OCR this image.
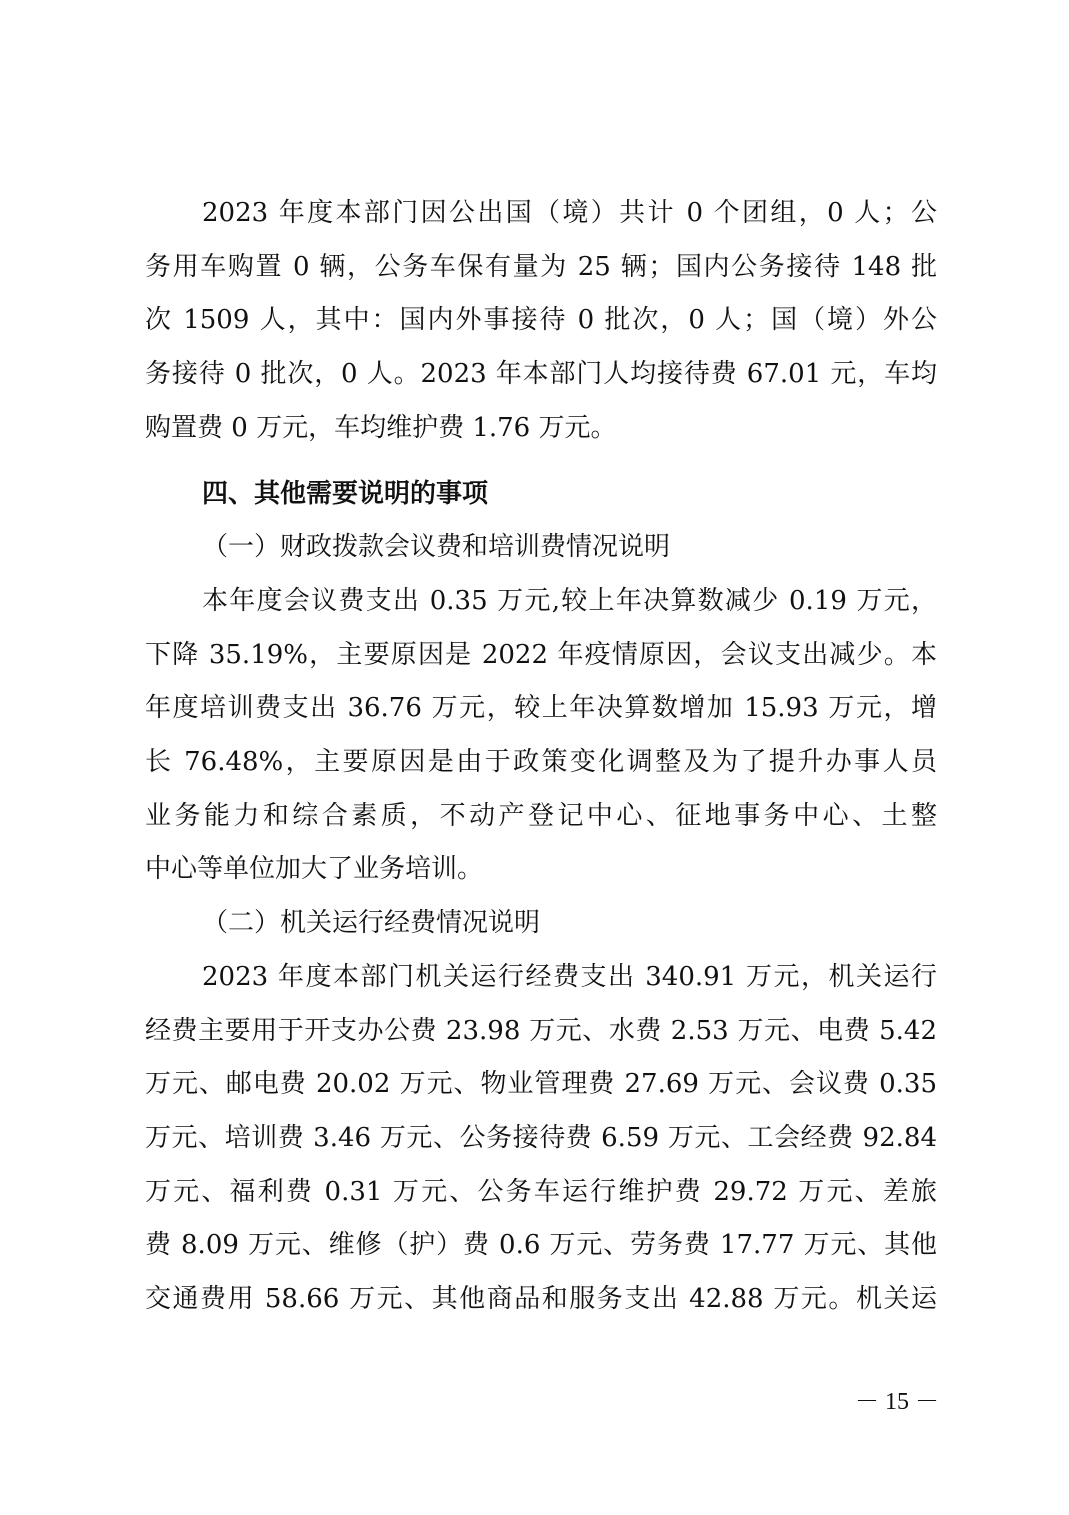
2023 年度本部门因公出国（境）共计 0 个团组，0 人；公
务用车购置 0 辆，公务车保有量为 25 辆；国内公务接待 148 批
次 1509 人，其中：国内外事接待 0 批次，0 人；国（境）外公
务接待 0 批次，0 人。2023 年本部门人均接待费 67.01 元，车均
购置费 0 万元，车均维护费 1.76 万元。
四、其他需要说明的事项
（一）财政拨款会议费和培训费情况说明
本年度会议费支出 0.35 万元,较上年决算数减少 0.19 万元，
下降 35.19%，主要原因是 2022 年疫情原因，会议支出减少。本
年度培训费支出 36.76 万元，较上年决算数增加 15.93 万元，增
长 76.48%，主要原因是由于政策变化调整及为了提升办事人员
业务能力和综合素质，不动产登记中心、征地事务中心、土整
中心等单位加大了业务培训。
（二）机关运行经费情况说明
2023 年度本部门机关运行经费支出 340.91 万元，机关运行
经费主要用于开支办公费 23.98 万元、水费 2.53 万元、电费 5.42
万元、邮电费 20.02 万元、物业管理费 27.69 万元、会议费 0.35
万元、培训费 3.46 万元、公务接待费 6.59 万元、工会经费 92.84
万元、福利费 0.31 万元、公务车运行维护费 29.72 万元、差旅
费 8.09 万元、维修（护）费 0.6 万元、劳务费 17.77 万元、其他
交通费用 58.66 万元、其他商品和服务支出 42.88 万元。机关运
－ 15 －
